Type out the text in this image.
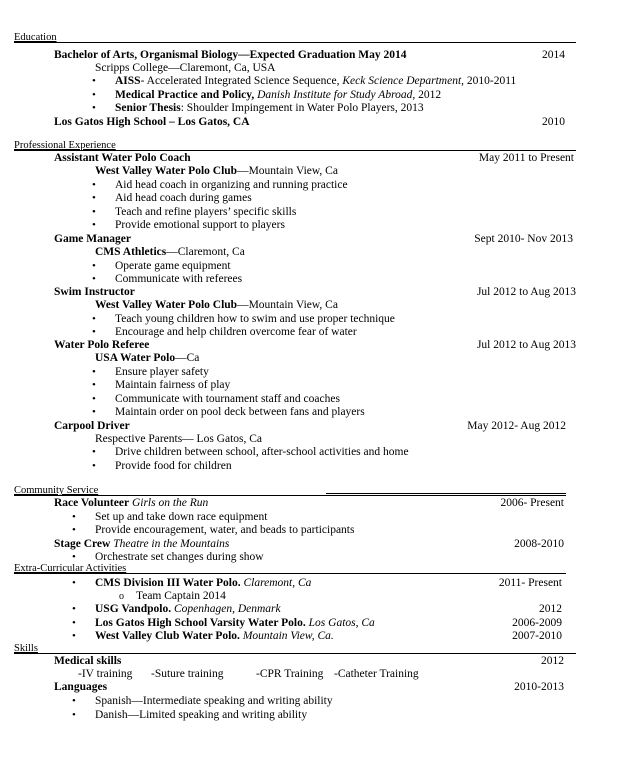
Education
Bachelor of Arts, Organismal Biology—Expected Graduation May 2014	2014
Scripps College—Claremont, Ca, USA
• AISS- Accelerated Integrated Science Sequence, Keck Science Department, 2010-2011
• Medical Practice and Policy, Danish Institute for Study Abroad, 2012
• Senior Thesis: Shoulder Impingement in Water Polo Players, 2013
Los Gatos High School – Los Gatos, CA	2010
Professional Experience
Assistant Water Polo Coach	May 2011 to Present
West Valley Water Polo Club—Mountain View, Ca
• Aid head coach in organizing and running practice
• Aid head coach during games
• Teach and refine players’ specific skills
• Provide emotional support to players
Game Manager	Sept 2010- Nov 2013
CMS Athletics—Claremont, Ca
• Operate game equipment
• Communicate with referees
Swim Instructor	Jul 2012 to Aug 2013
West Valley Water Polo Club—Mountain View, Ca
• Teach young children how to swim and use proper technique
• Encourage and help children overcome fear of water
Water Polo Referee	Jul 2012 to Aug 2013
USA Water Polo—Ca
• Ensure player safety
• Maintain fairness of play
• Communicate with tournament staff and coaches
• Maintain order on pool deck between fans and players
Carpool Driver	May 2012- Aug 2012
Respective Parents— Los Gatos, Ca
• Drive children between school, after-school activities and home
• Provide food for children
Community Service
Race Volunteer Girls on the Run	2006- Present
• Set up and take down race equipment
• Provide encouragement, water, and beads to participants
Stage Crew Theatre in the Mountains	2008-2010
• Orchestrate set changes during show
Extra-Curricular Activities
• CMS Division III Water Polo. Claremont, Ca	2011- Present
o Team Captain 2014
• USG Vandpolo. Copenhagen, Denmark	2012
• Los Gatos High School Varsity Water Polo. Los Gatos, Ca	2006-2009
• West Valley Club Water Polo. Mountain View, Ca.	2007-2010
Skills
Medical skills	2012
-IV training -Suture training	-CPR Training -Catheter Training
Languages	2010-2013
• Spanish—Intermediate speaking and writing ability
• Danish—Limited speaking and writing ability
